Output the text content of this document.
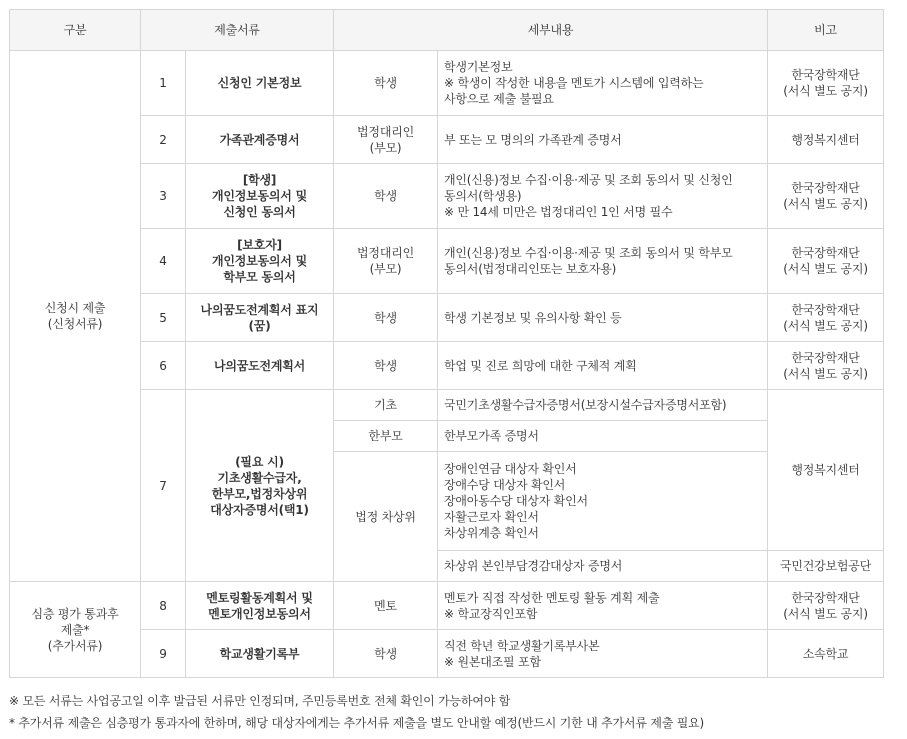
구분	제출서류		세부내용		비고

신청시 제출
(신청서류)	1	신청인 기본정보	학생	학생기본정보
※ 학생이 작성한 내용을 멘토가 시스템에 입력하는
사항으로 제출 불필요	한국장학재단
(서식 별도 공지)

	2	가족관계증명서	법정대리인
(부모)	부 또는 모 명의의 가족관계 증명서	행정복지센터

	3	[학생]
개인정보동의서 및
신청인 동의서	학생	개인(신용)정보 수집·이용·제공 및 조회 동의서 및 신청인
동의서(학생용)
※ 만 14세 미만은 법정대리인 1인 서명 필수	한국장학재단
(서식 별도 공지)

	4	[보호자]
개인정보동의서 및
학부모 동의서	법정대리인
(부모)	개인(신용)정보 수집·이용·제공 및 조회 동의서 및 학부모
동의서(법정대리인또는 보호자용)	한국장학재단
(서식 별도 공지)

	5	나의꿈도전계획서 표지
(꿈)	학생	학생 기본정보 및 유의사항 확인 등	한국장학재단
(서식 별도 공지)

	6	나의꿈도전계획서	학생	학업 및 진로 희망에 대한 구체적 계획	한국장학재단
(서식 별도 공지)

	7	(필요 시)
기초생활수급자,
한부모,법정차상위
대상자증명서(택1)	기초	국민기초생활수급자증명서(보장시설수급자증명서포함)	행정복지센터

			한부모	한부모가족 증명서	

			법정 차상위	장애인연금 대상자 확인서
장애수당 대상자 확인서
장애아동수당 대상자 확인서
자활근로자 확인서
차상위계층 확인서	

				차상위 본인부담경감대상자 증명서	국민건강보험공단

심층 평가 통과후
제출*
(추가서류)	8	멘토링활동계획서 및
멘토개인정보동의서	멘토	멘토가 직접 작성한 멘토링 활동 계획 제출
※ 학교장직인포함	한국장학재단
(서식 별도 공지)

	9	학교생활기록부	학생	직전 학년 학교생활기록부사본
※ 원본대조필 포함	소속학교
※ 모든 서류는 사업공고일 이후 발급된 서류만 인정되며, 주민등록번호 전체 확인이 가능하여야 함
* 추가서류 제출은 심층평가 통과자에 한하며, 해당 대상자에게는 추가서류 제출을 별도 안내할 예정(반드시 기한 내 추가서류 제출 필요)
